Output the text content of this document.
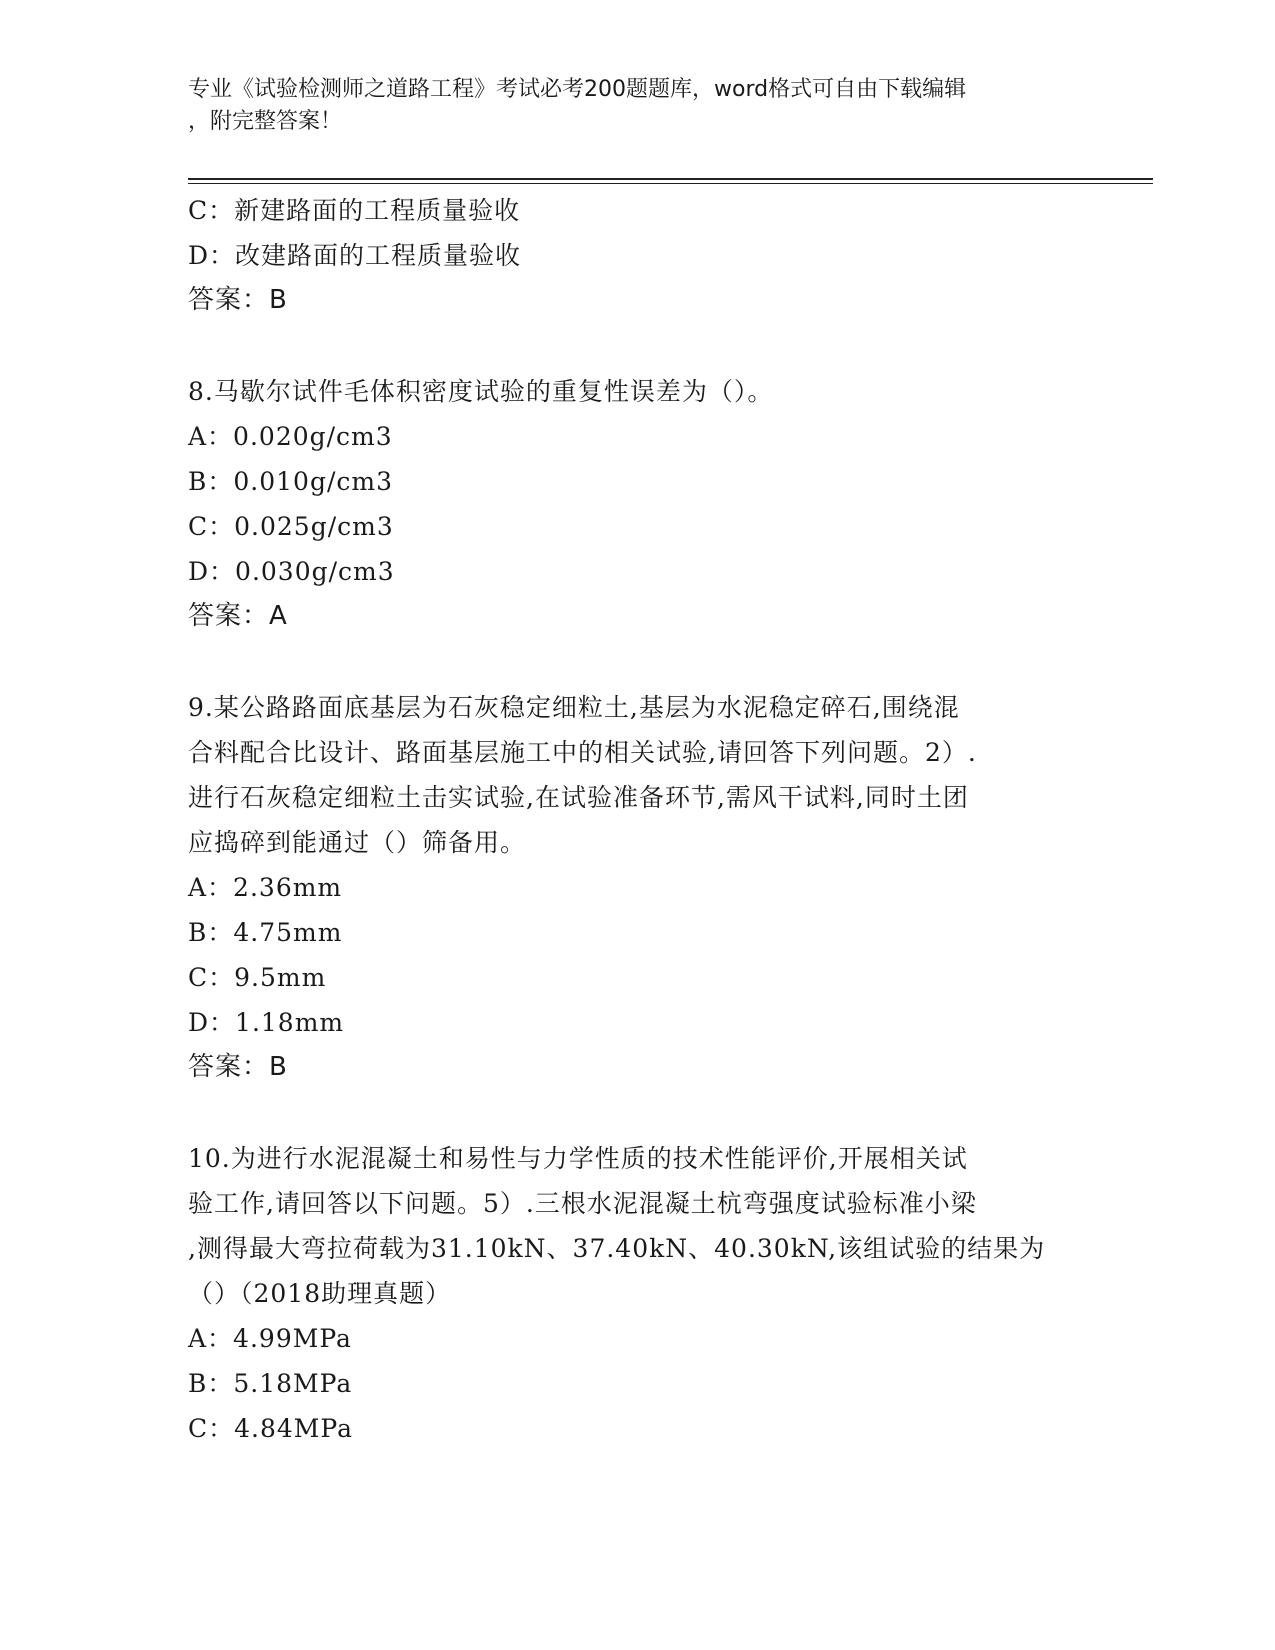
专业《试验检测师之道路工程》考试必考200题题库，word格式可自由下载编辑
，附完整答案！
C：新建路面的工程质量验收
D：改建路面的工程质量验收
答案：B
8.马歇尔试件毛体积密度试验的重复性误差为（）。
A：0.020g/cm3
B：0.010g/cm3
C：0.025g/cm3
D：0.030g/cm3
答案：A
9.某公路路面底基层为石灰稳定细粒土,基层为水泥稳定碎石,围绕混
合料配合比设计、路面基层施工中的相关试验,请回答下列问题。2）.
进行石灰稳定细粒土击实试验,在试验准备环节,需风干试料,同时土团
应捣碎到能通过（）筛备用。
A：2.36mm
B：4.75mm
C：9.5mm
D：1.18mm
答案：B
10.为进行水泥混凝土和易性与力学性质的技术性能评价,开展相关试
验工作,请回答以下问题。5）.三根水泥混凝土杭弯强度试验标准小梁
,测得最大弯拉荷载为31.10kN、37.40kN、40.30kN,该组试验的结果为
（）（2018助理真题）
A：4.99MPa
B：5.18MPa
C：4.84MPa
